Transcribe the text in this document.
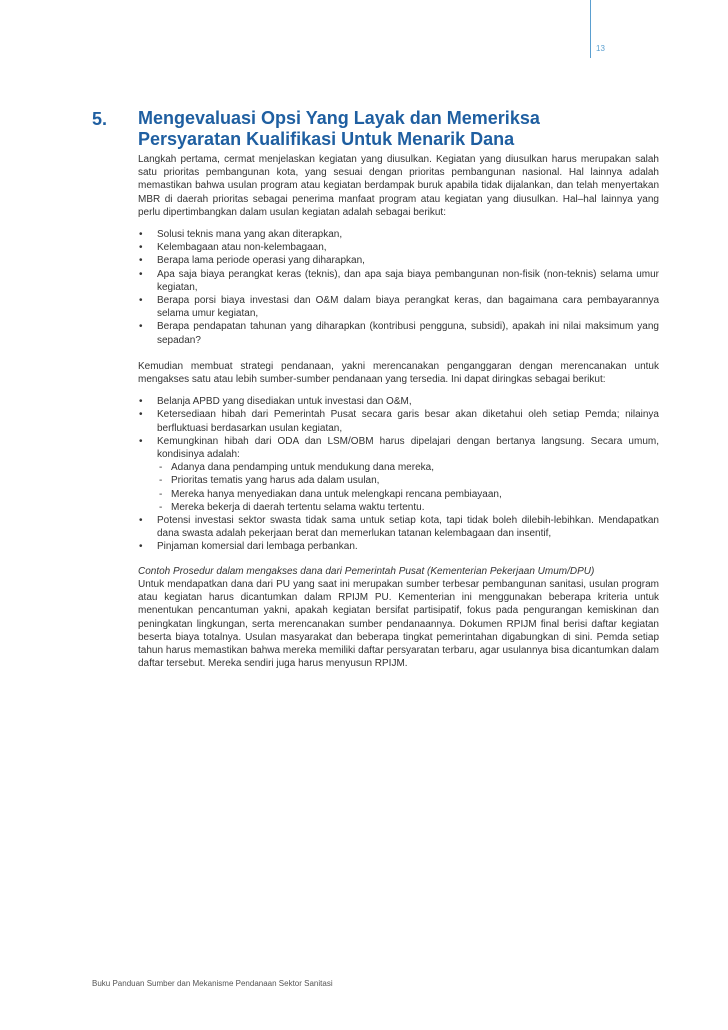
13
5. Mengevaluasi Opsi Yang Layak dan Memeriksa Persyaratan Kualifikasi Untuk Menarik Dana

Langkah pertama, cermat menjelaskan kegiatan yang diusulkan. Kegiatan yang diusulkan harus merupakan salah satu prioritas pembangunan kota, yang sesuai dengan prioritas pembangunan nasional. Hal lainnya adalah memastikan bahwa usulan program atau kegiatan berdampak buruk apabila tidak dijalankan, dan telah menyertakan MBR di daerah prioritas sebagai penerima manfaat program atau kegiatan yang diusulkan. Hal–hal lainnya yang perlu dipertimbangkan dalam usulan kegiatan adalah sebagai berikut:

• Solusi teknis mana yang akan diterapkan,
• Kelembagaan atau non-kelembagaan,
• Berapa lama periode operasi yang diharapkan,
• Apa saja biaya perangkat keras (teknis), dan apa saja biaya pembangunan non-fisik (non-teknis) selama umur kegiatan,
• Berapa porsi biaya investasi dan O&M dalam biaya perangkat keras, dan bagaimana cara pembayarannya selama umur kegiatan,
• Berapa pendapatan tahunan yang diharapkan (kontribusi pengguna, subsidi), apakah ini nilai maksimum yang sepadan?

Kemudian membuat strategi pendanaan, yakni merencanakan penganggaran dengan merencanakan untuk mengakses satu atau lebih sumber-sumber pendanaan yang tersedia. Ini dapat diringkas sebagai berikut:

• Belanja APBD yang disediakan untuk investasi dan O&M,
• Ketersediaan hibah dari Pemerintah Pusat secara garis besar akan diketahui oleh setiap Pemda; nilainya berfluktuasi berdasarkan usulan kegiatan,
• Kemungkinan hibah dari ODA dan LSM/OBM harus dipelajari dengan bertanya langsung. Secara umum, kondisinya adalah:
- Adanya dana pendamping untuk mendukung dana mereka,
- Prioritas tematis yang harus ada dalam usulan,
- Mereka hanya menyediakan dana untuk melengkapi rencana pembiayaan,
- Mereka bekerja di daerah tertentu selama waktu tertentu.
• Potensi investasi sektor swasta tidak sama untuk setiap kota, tapi tidak boleh dilebih-lebihkan. Mendapatkan dana swasta adalah pekerjaan berat dan memerlukan tatanan kelembagaan dan insentif,
• Pinjaman komersial dari lembaga perbankan.

Contoh Prosedur dalam mengakses dana dari Pemerintah Pusat (Kementerian Pekerjaan Umum/DPU)

Untuk mendapatkan dana dari PU yang saat ini merupakan sumber terbesar pembangunan sanitasi, usulan program atau kegiatan harus dicantumkan dalam RPIJM PU. Kementerian ini menggunakan beberapa kriteria untuk menentukan pencantuman yakni, apakah kegiatan bersifat partisipatif, fokus pada pengurangan kemiskinan dan peningkatan lingkungan, serta merencanakan sumber pendanaannya. Dokumen RPIJM final berisi daftar kegiatan beserta biaya totalnya. Usulan masyarakat dan beberapa tingkat pemerintahan digabungkan di sini. Pemda setiap tahun harus memastikan bahwa mereka memiliki daftar persyaratan terbaru, agar usulannya bisa dicantumkan dalam daftar tersebut. Mereka sendiri juga harus menyusun RPIJM.

Buku Panduan Sumber dan Mekanisme Pendanaan Sektor Sanitasi
